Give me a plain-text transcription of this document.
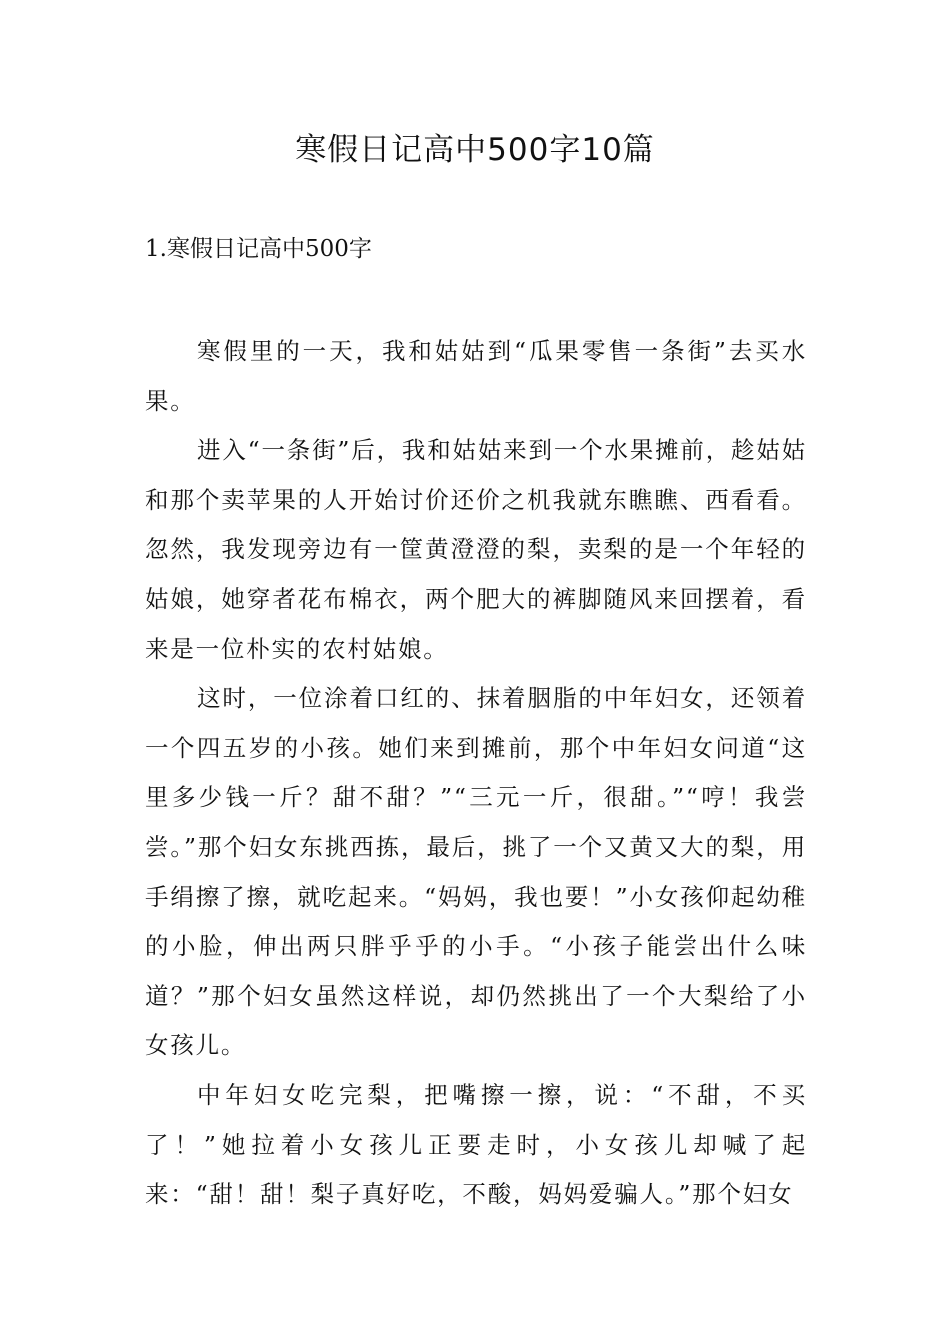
寒假日记高中500字10篇
1.寒假日记高中500字

寒假里的一天，我和姑姑到“瓜果零售一条街”去买水果。

进入“一条街”后，我和姑姑来到一个水果摊前，趁姑姑和那个卖苹果的人开始讨价还价之机我就东瞧瞧、西看看。忽然，我发现旁边有一筐黄澄澄的梨，卖梨的是一个年轻的姑娘，她穿者花布棉衣，两个肥大的裤脚随风来回摆着，看来是一位朴实的农村姑娘。

这时，一位涂着口红的、抹着胭脂的中年妇女，还领着一个四五岁的小孩。她们来到摊前，那个中年妇女问道“这里多少钱一斤？甜不甜？”“三元一斤，很甜。”“哼！我尝尝。”那个妇女东挑西拣，最后，挑了一个又黄又大的梨，用手绢擦了擦，就吃起来。“妈妈，我也要！”小女孩仰起幼稚的小脸，伸出两只胖乎乎的小手。“小孩子能尝出什么味道？”那个妇女虽然这样说，却仍然挑出了一个大梨给了小女孩儿。

中年妇女吃完梨，把嘴擦一擦，说：“不甜，不买了！”她拉着小女孩儿正要走时，小女孩儿却喊了起来：“甜！甜！梨子真好吃，不酸，妈妈爱骗人。”那个妇女
